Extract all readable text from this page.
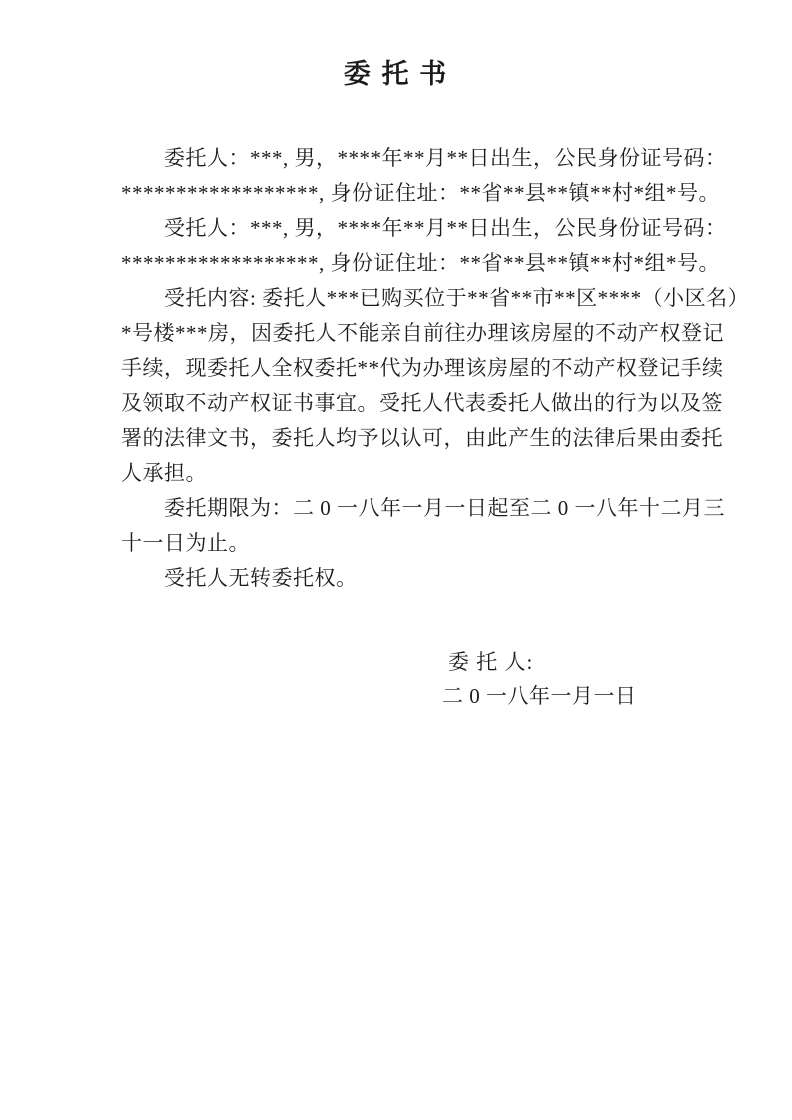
委 托 书
委托人：***, 男，****年**月**日出生，公民身份证号码：
******************, 身份证住址：**省**县**镇**村*组*号。
受托人：***, 男，****年**月**日出生，公民身份证号码：
******************, 身份证住址：**省**县**镇**村*组*号。
受托内容: 委托人***已购买位于**省**市**区****（小区名）
*号楼***房，因委托人不能亲自前往办理该房屋的不动产权登记
手续，现委托人全权委托**代为办理该房屋的不动产权登记手续
及领取不动产权证书事宜。受托人代表委托人做出的行为以及签
署的法律文书，委托人均予以认可，由此产生的法律后果由委托
人承担。
委托期限为：二 0 一八年一月一日起至二 0 一八年十二月三
十一日为止。
受托人无转委托权。
委 托 人:
二 0 一八年一月一日
